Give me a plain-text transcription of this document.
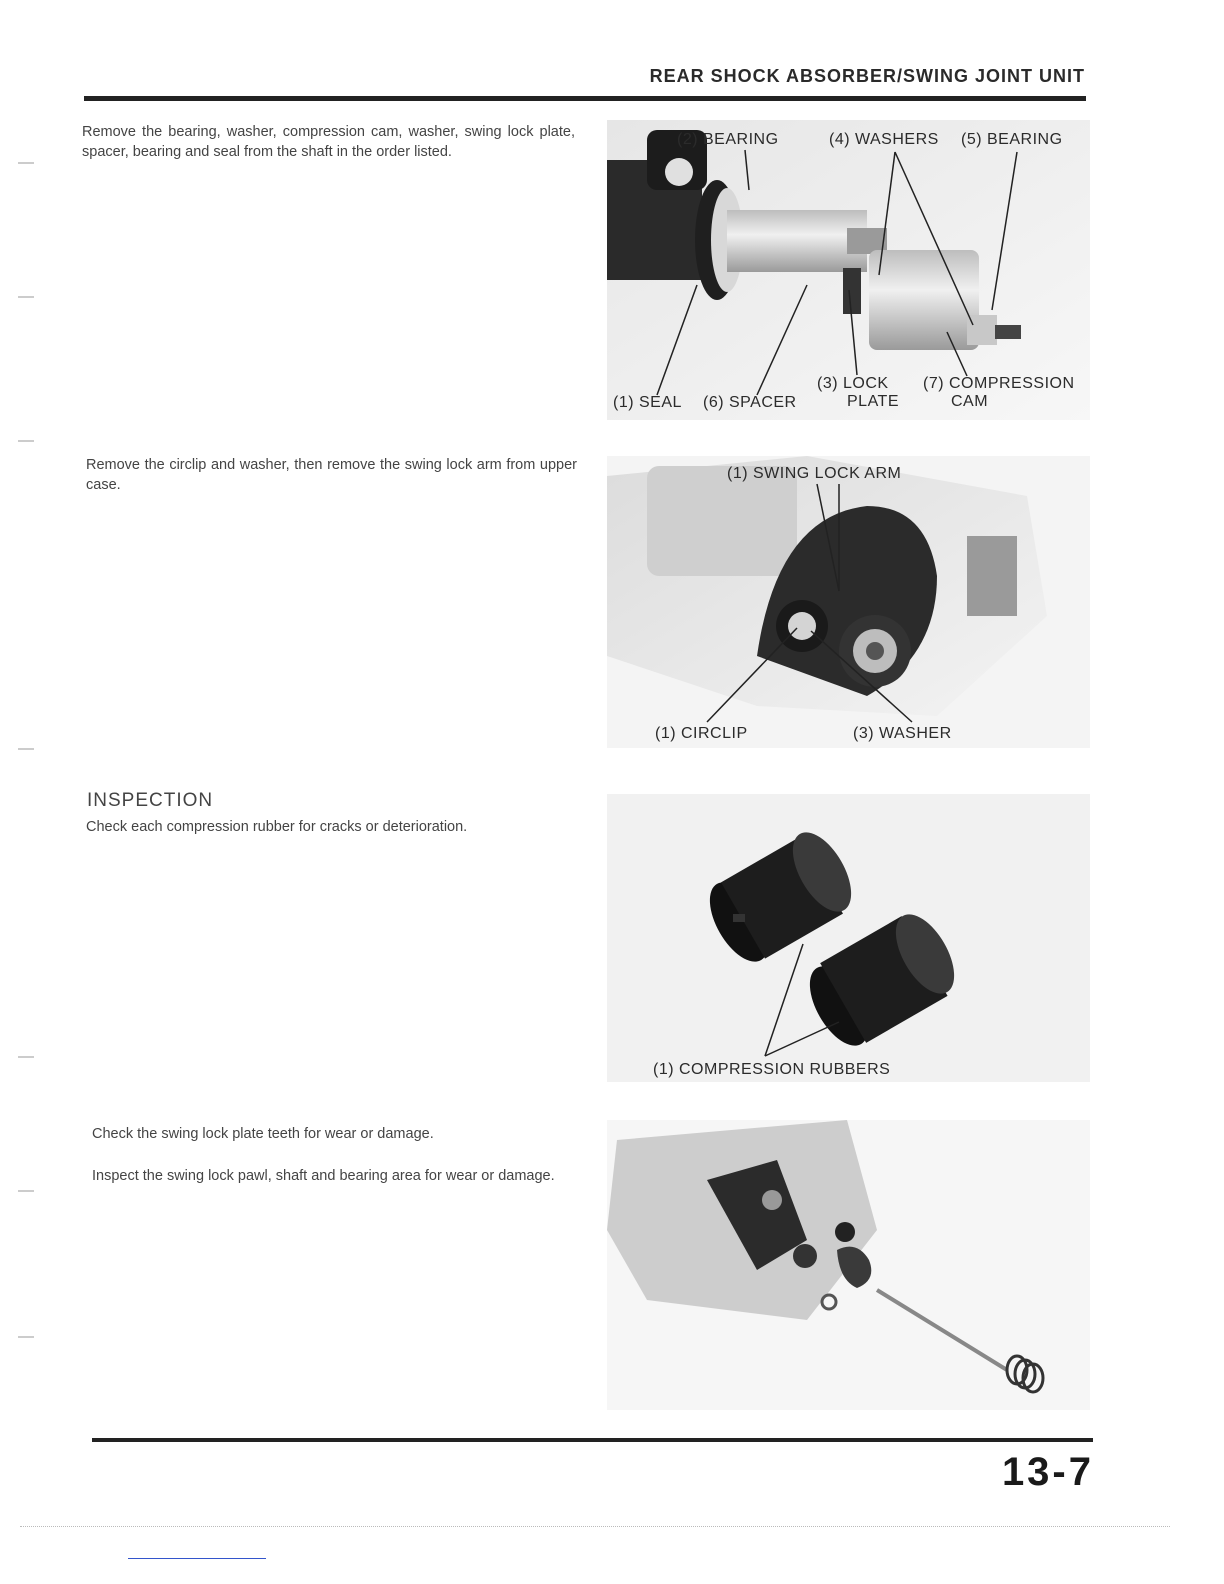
REAR SHOCK ABSORBER/SWING JOINT UNIT
Remove the bearing, washer, compression cam, washer, swing lock plate, spacer, bearing and seal from the shaft in the order listed.
(2) BEARING	(4) WASHERS (5) BEARING
(1) SEAL (6) SPACER
(3) LOCK
PLATE
(7) COMPRESSION
CAM
Remove the circlip and washer, then remove the swing lock arm from upper case.
(1) SWING LOCK ARM
(1) CIRCLIP	(3) WASHER
INSPECTION
Check each compression rubber for cracks or deterioration.
(1) COMPRESSION RUBBERS
Check the swing lock plate teeth for wear or damage.
Inspect the swing lock pawl, shaft and bearing area for wear or damage.
13-7
